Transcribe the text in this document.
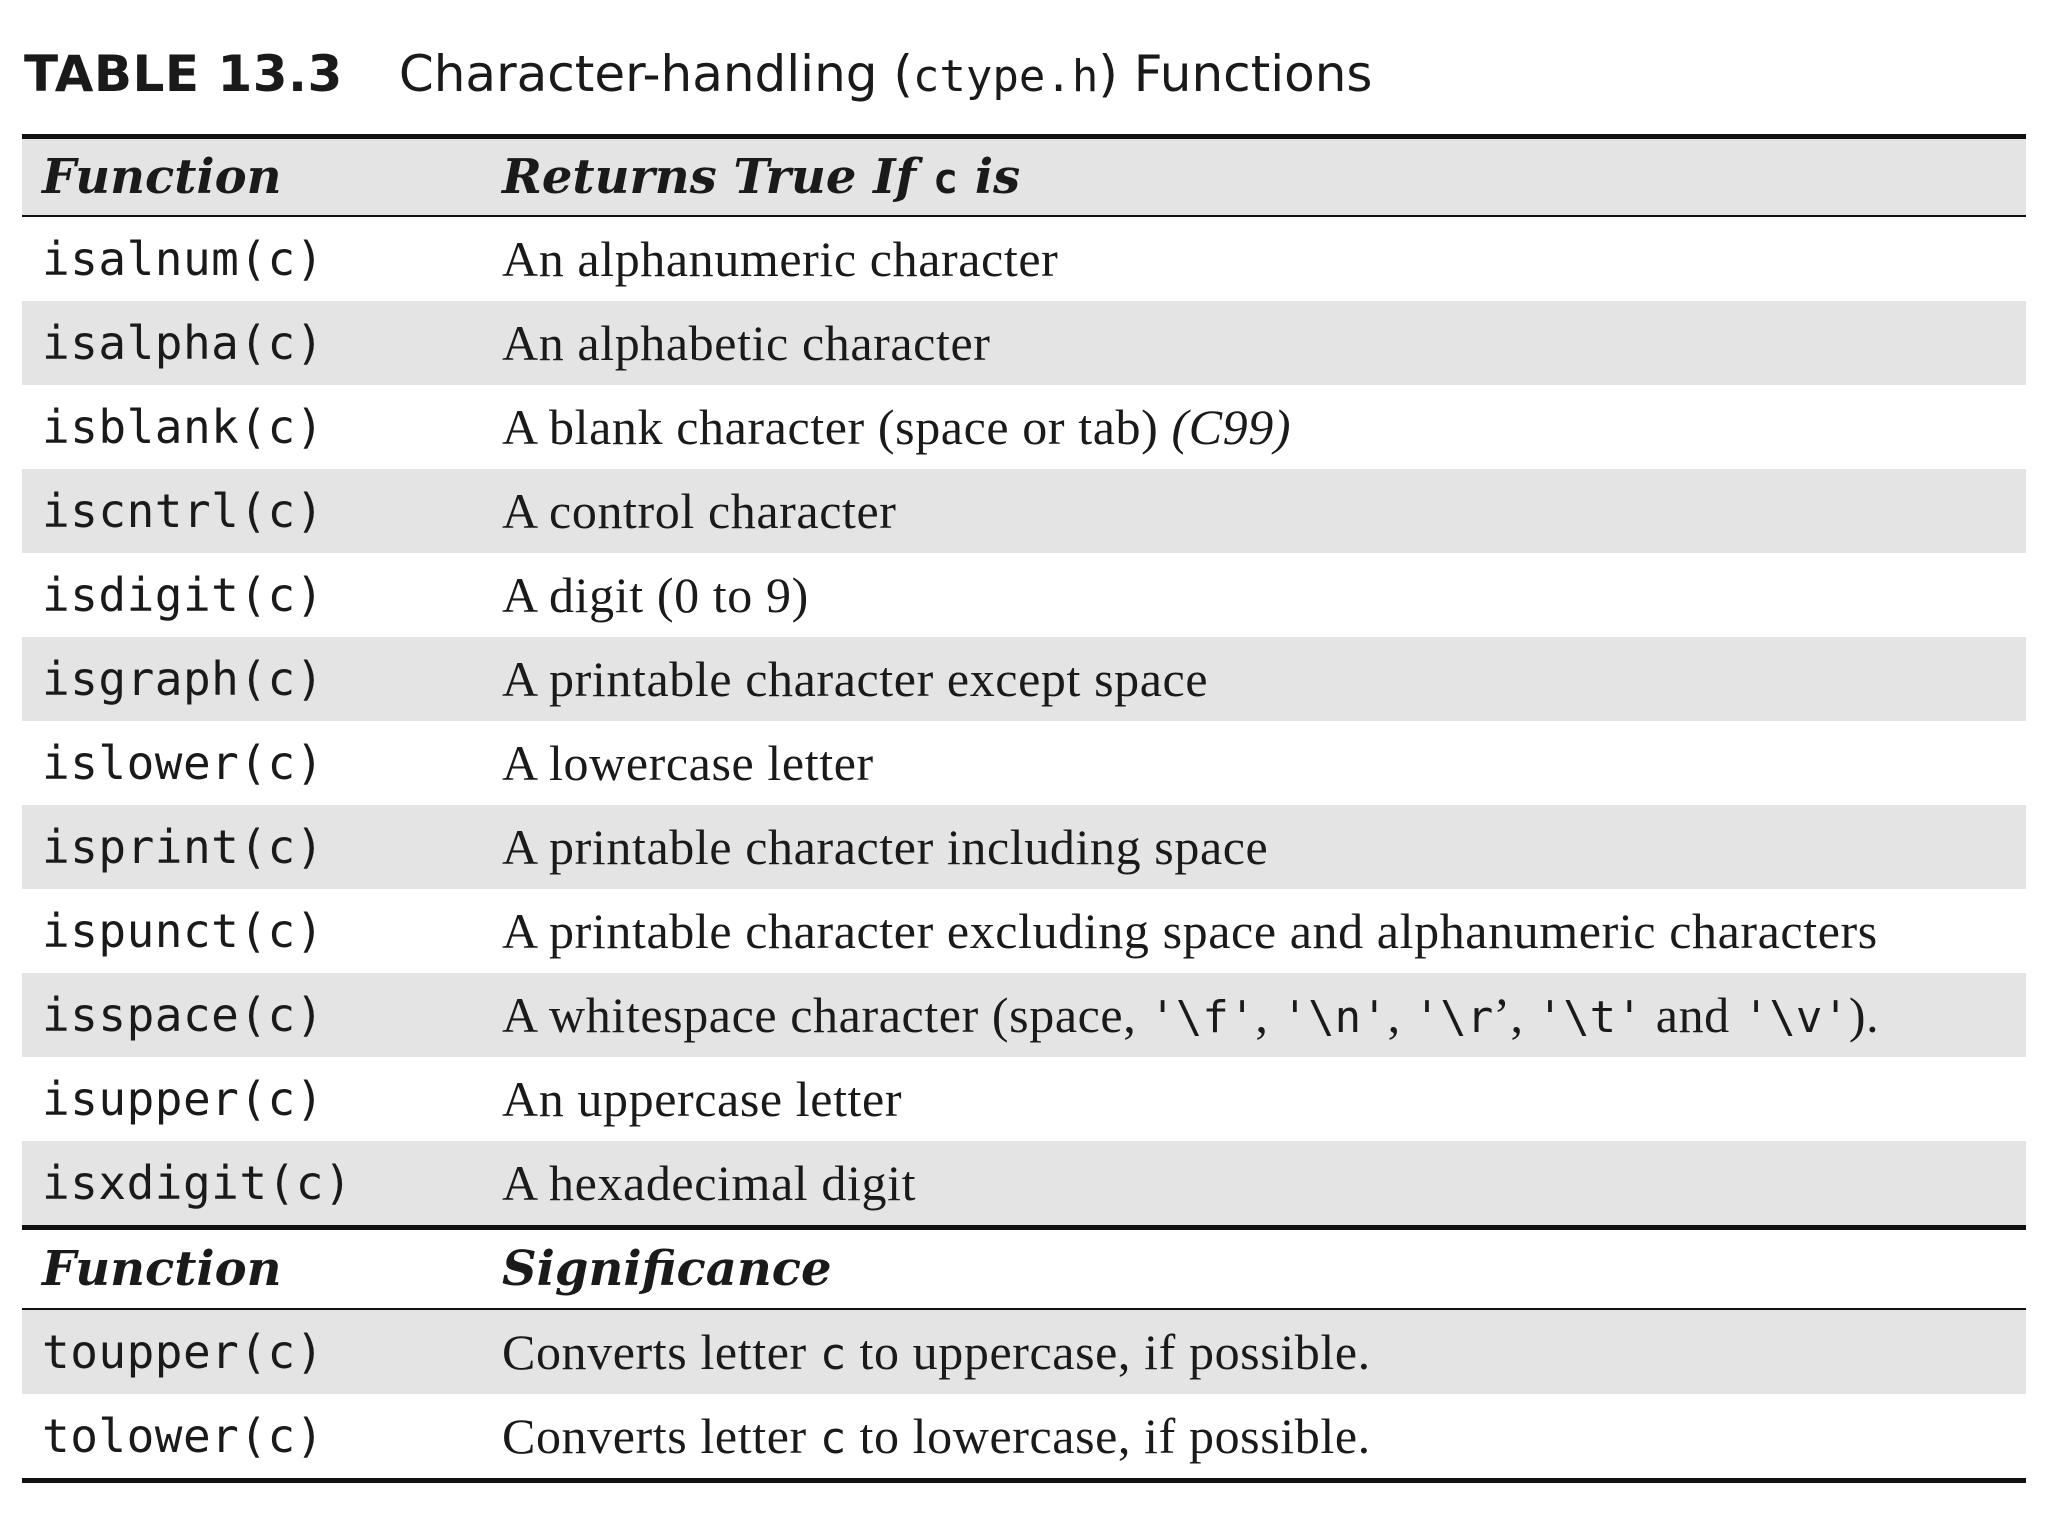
TABLE 13.3 Character-handling ( ctype.h ) Functions
Function	Returns True If c is
isalnum(c)	An alphanumeric character
isalpha(c)	An alphabetic character
isblank(c)	A blank character (space or tab) (C99)
iscntrl(c)	A control character
isdigit(c)	A digit (0 to 9)
isgraph(c)	A printable character except space
islower(c)	A lowercase letter
isprint(c)	A printable character including space
ispunct(c)	A printable character excluding space and alphanumeric characters
isspace(c)	A whitespace character (space, '\f', '\n', '\r’, '\t' and '\v').
isupper(c)	An uppercase letter
isxdigit(c)	A hexadecimal digit
Function	Significance
toupper(c)	Converts letter c to uppercase, if possible.
tolower(c)	Converts letter c to lowercase, if possible.
